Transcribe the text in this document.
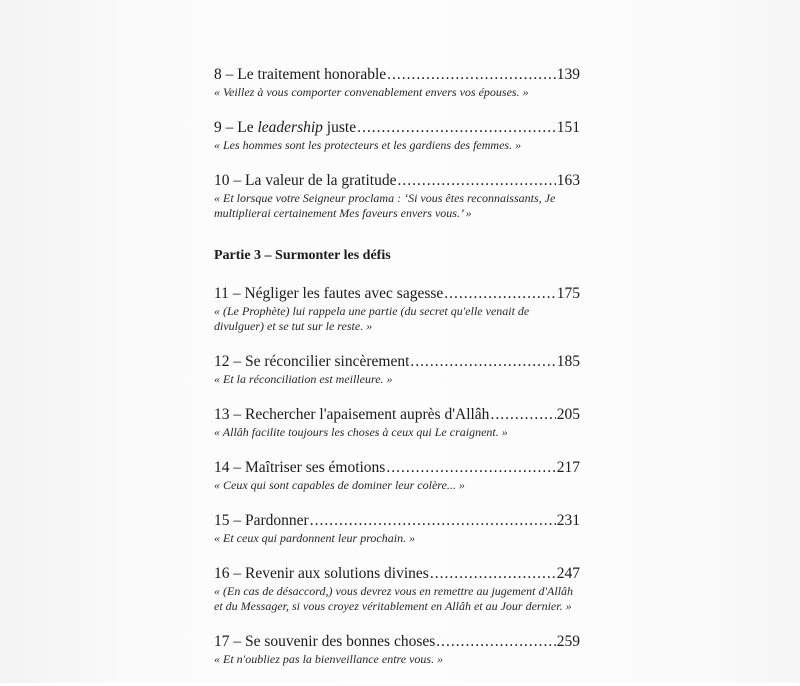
8 – Le traitement honorable .....	139
« Veillez à vous comporter convenablement envers vos épouses. »
9 – Le leadership juste .....	151
« Les hommes sont les protecteurs et les gardiens des femmes. »
10 – La valeur de la gratitude .....	163
« Et lorsque votre Seigneur proclama : ‘Si vous êtes reconnaissants, Je multiplierai certainement Mes faveurs envers vous.’ »
Partie 3 – Surmonter les défis
11 – Négliger les fautes avec sagesse .....	175
« (Le Prophète) lui rappela une partie (du secret qu'elle venait de divulguer) et se tut sur le reste. »
12 – Se réconcilier sincèrement .....	185
« Et la réconciliation est meilleure. »
13 – Rechercher l'apaisement auprès d'Allâh .....	205
« Allâh facilite toujours les choses à ceux qui Le craignent. »
14 – Maîtriser ses émotions .....	217
« Ceux qui sont capables de dominer leur colère... »
15 – Pardonner .....	231
« Et ceux qui pardonnent leur prochain. »
16 – Revenir aux solutions divines .....	247
« (En cas de désaccord,) vous devrez vous en remettre au jugement d'Allâh et du Messager, si vous croyez véritablement en Allâh et au Jour dernier. »
17 – Se souvenir des bonnes choses .....	259
« Et n'oubliez pas la bienveillance entre vous. »
